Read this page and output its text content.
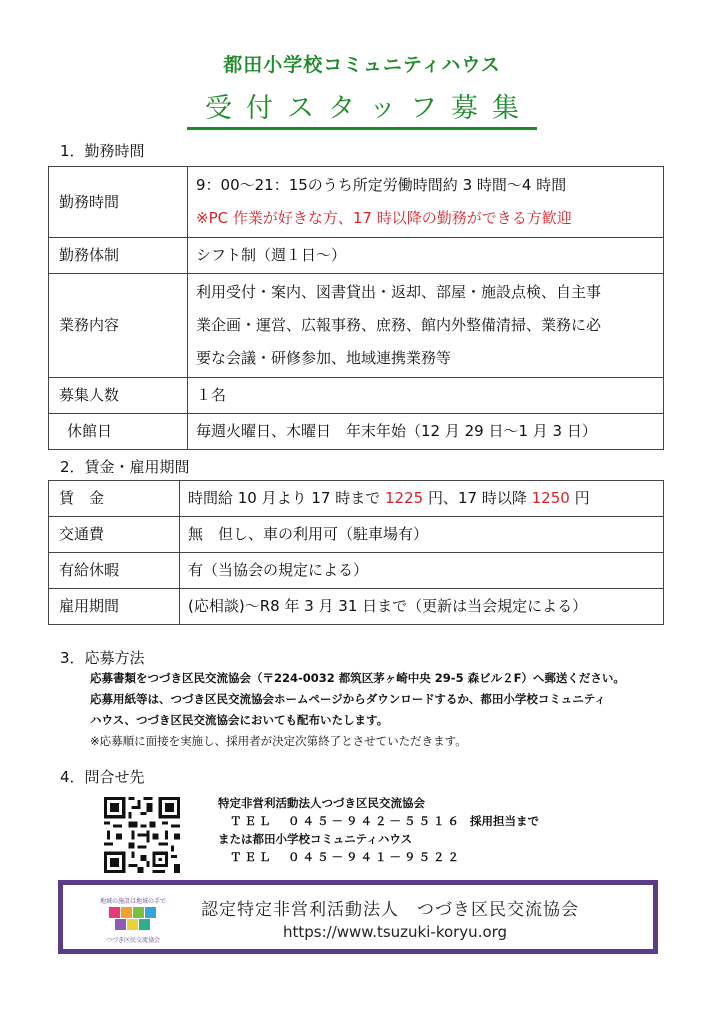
都田小学校コミュニティハウス
受付スタッフ募集
1．勤務時間
勤務時間	9：00～21：15のうち所定労働時間約 3 時間～4 時間
※PC 作業が好きな方、17 時以降の勤務ができる方歓迎

勤務体制	シフト制（週１日～）
業務内容	利用受付・案内、図書貸出・返却、部屋・施設点検、自主事
業企画・運営、広報事務、庶務、館内外整備清掃、業務に必
要な会議・研修参加、地域連携業務等

募集人数	１名
休館日	毎週火曜日、木曜日　年末年始（12 月 29 日～1 月 3 日）
2．賃金・雇用期間
賃　金	時間給 10 月より 17 時まで 1225 円、17 時以降 1250 円
交通費	無　但し、車の利用可（駐車場有）
有給休暇	有（当協会の規定による）
雇用期間	(応相談)～R8 年 3 月 31 日まで（更新は当会規定による）
3．応募方法
応募書類をつづき区民交流協会（〒224-0032 都筑区茅ヶ崎中央 29-5 森ビル２F）へ郵送ください。
応募用紙等は、つづき区民交流協会ホームページからダウンロードするか、都田小学校コミュニティ
ハウス、つづき区民交流協会においても配布いたします。
※応募順に面接を実施し、採用者が決定次第終了とさせていただきます。
4．問合せ先
特定非営利活動法人つづき区民交流協会
ＴＥＬ　０４５－９４２－５５１６ 採用担当まで
または都田小学校コミュニティハウス
ＴＥＬ　０４５－９４１－９５２２
地域の施設は地域の手で
つづき区民交流協会
認定特定非営利活動法人　つづき区民交流協会
https://www.tsuzuki-koryu.org
